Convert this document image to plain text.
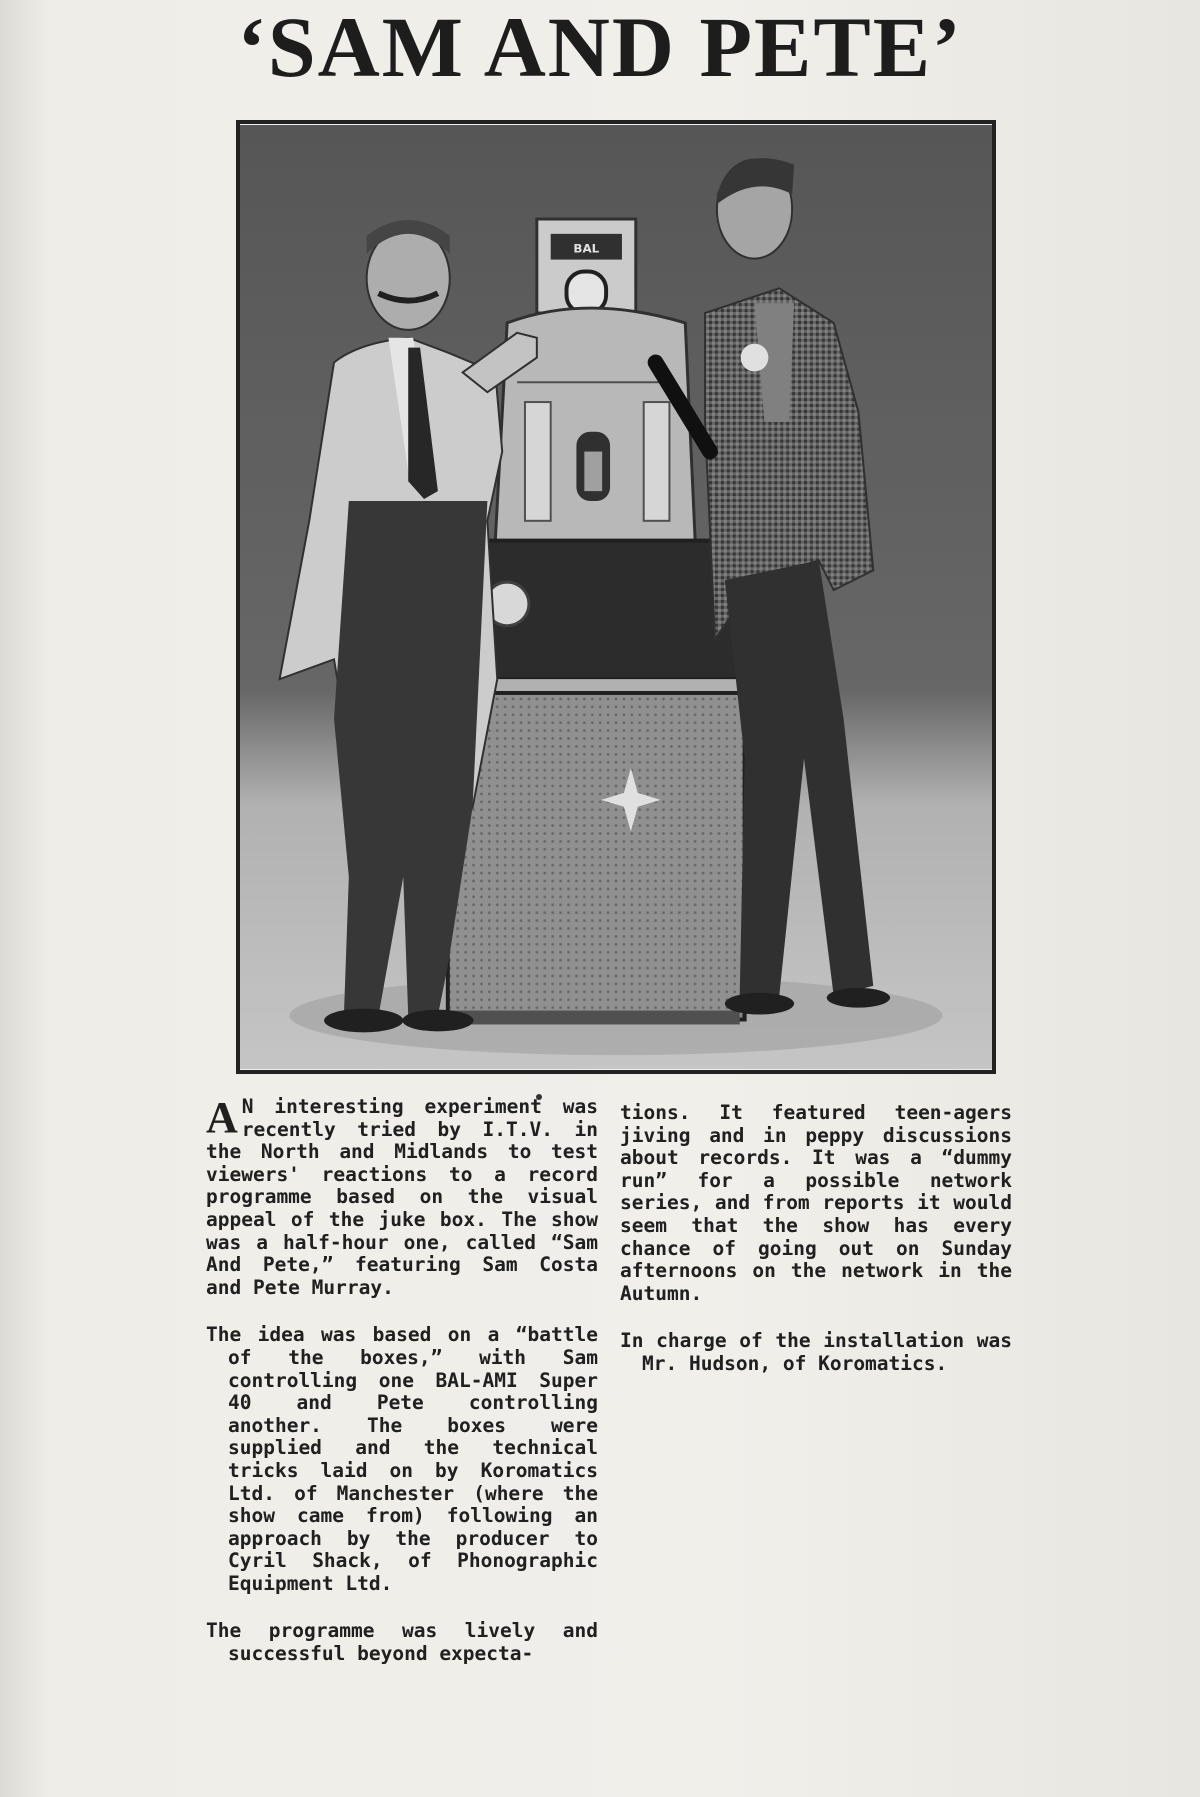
‘SAM AND PETE’
BAL

A N interesting experiment was recently tried by I.T.V. in the North and Midlands to test viewers' reactions to a record programme based on the visual appeal of the juke box. The show was a half-hour one, called “Sam And Pete,” featuring Sam Costa and Pete Murray.

The idea was based on a “battle of the boxes,” with Sam controlling one BAL-AMI Super 40 and Pete controlling another. The boxes were supplied and the technical tricks laid on by Koromatics Ltd. of Manchester (where the show came from) following an approach by the producer to Cyril Shack, of Phonographic Equipment Ltd.

The programme was lively and successful beyond expecta-

tions. It featured teen-agers jiving and in peppy discussions about records. It was a “dummy run” for a possible network series, and from reports it would seem that the show has every chance of going out on Sunday afternoons on the network in the Autumn.

In charge of the installation was Mr. Hudson, of Koromatics.
